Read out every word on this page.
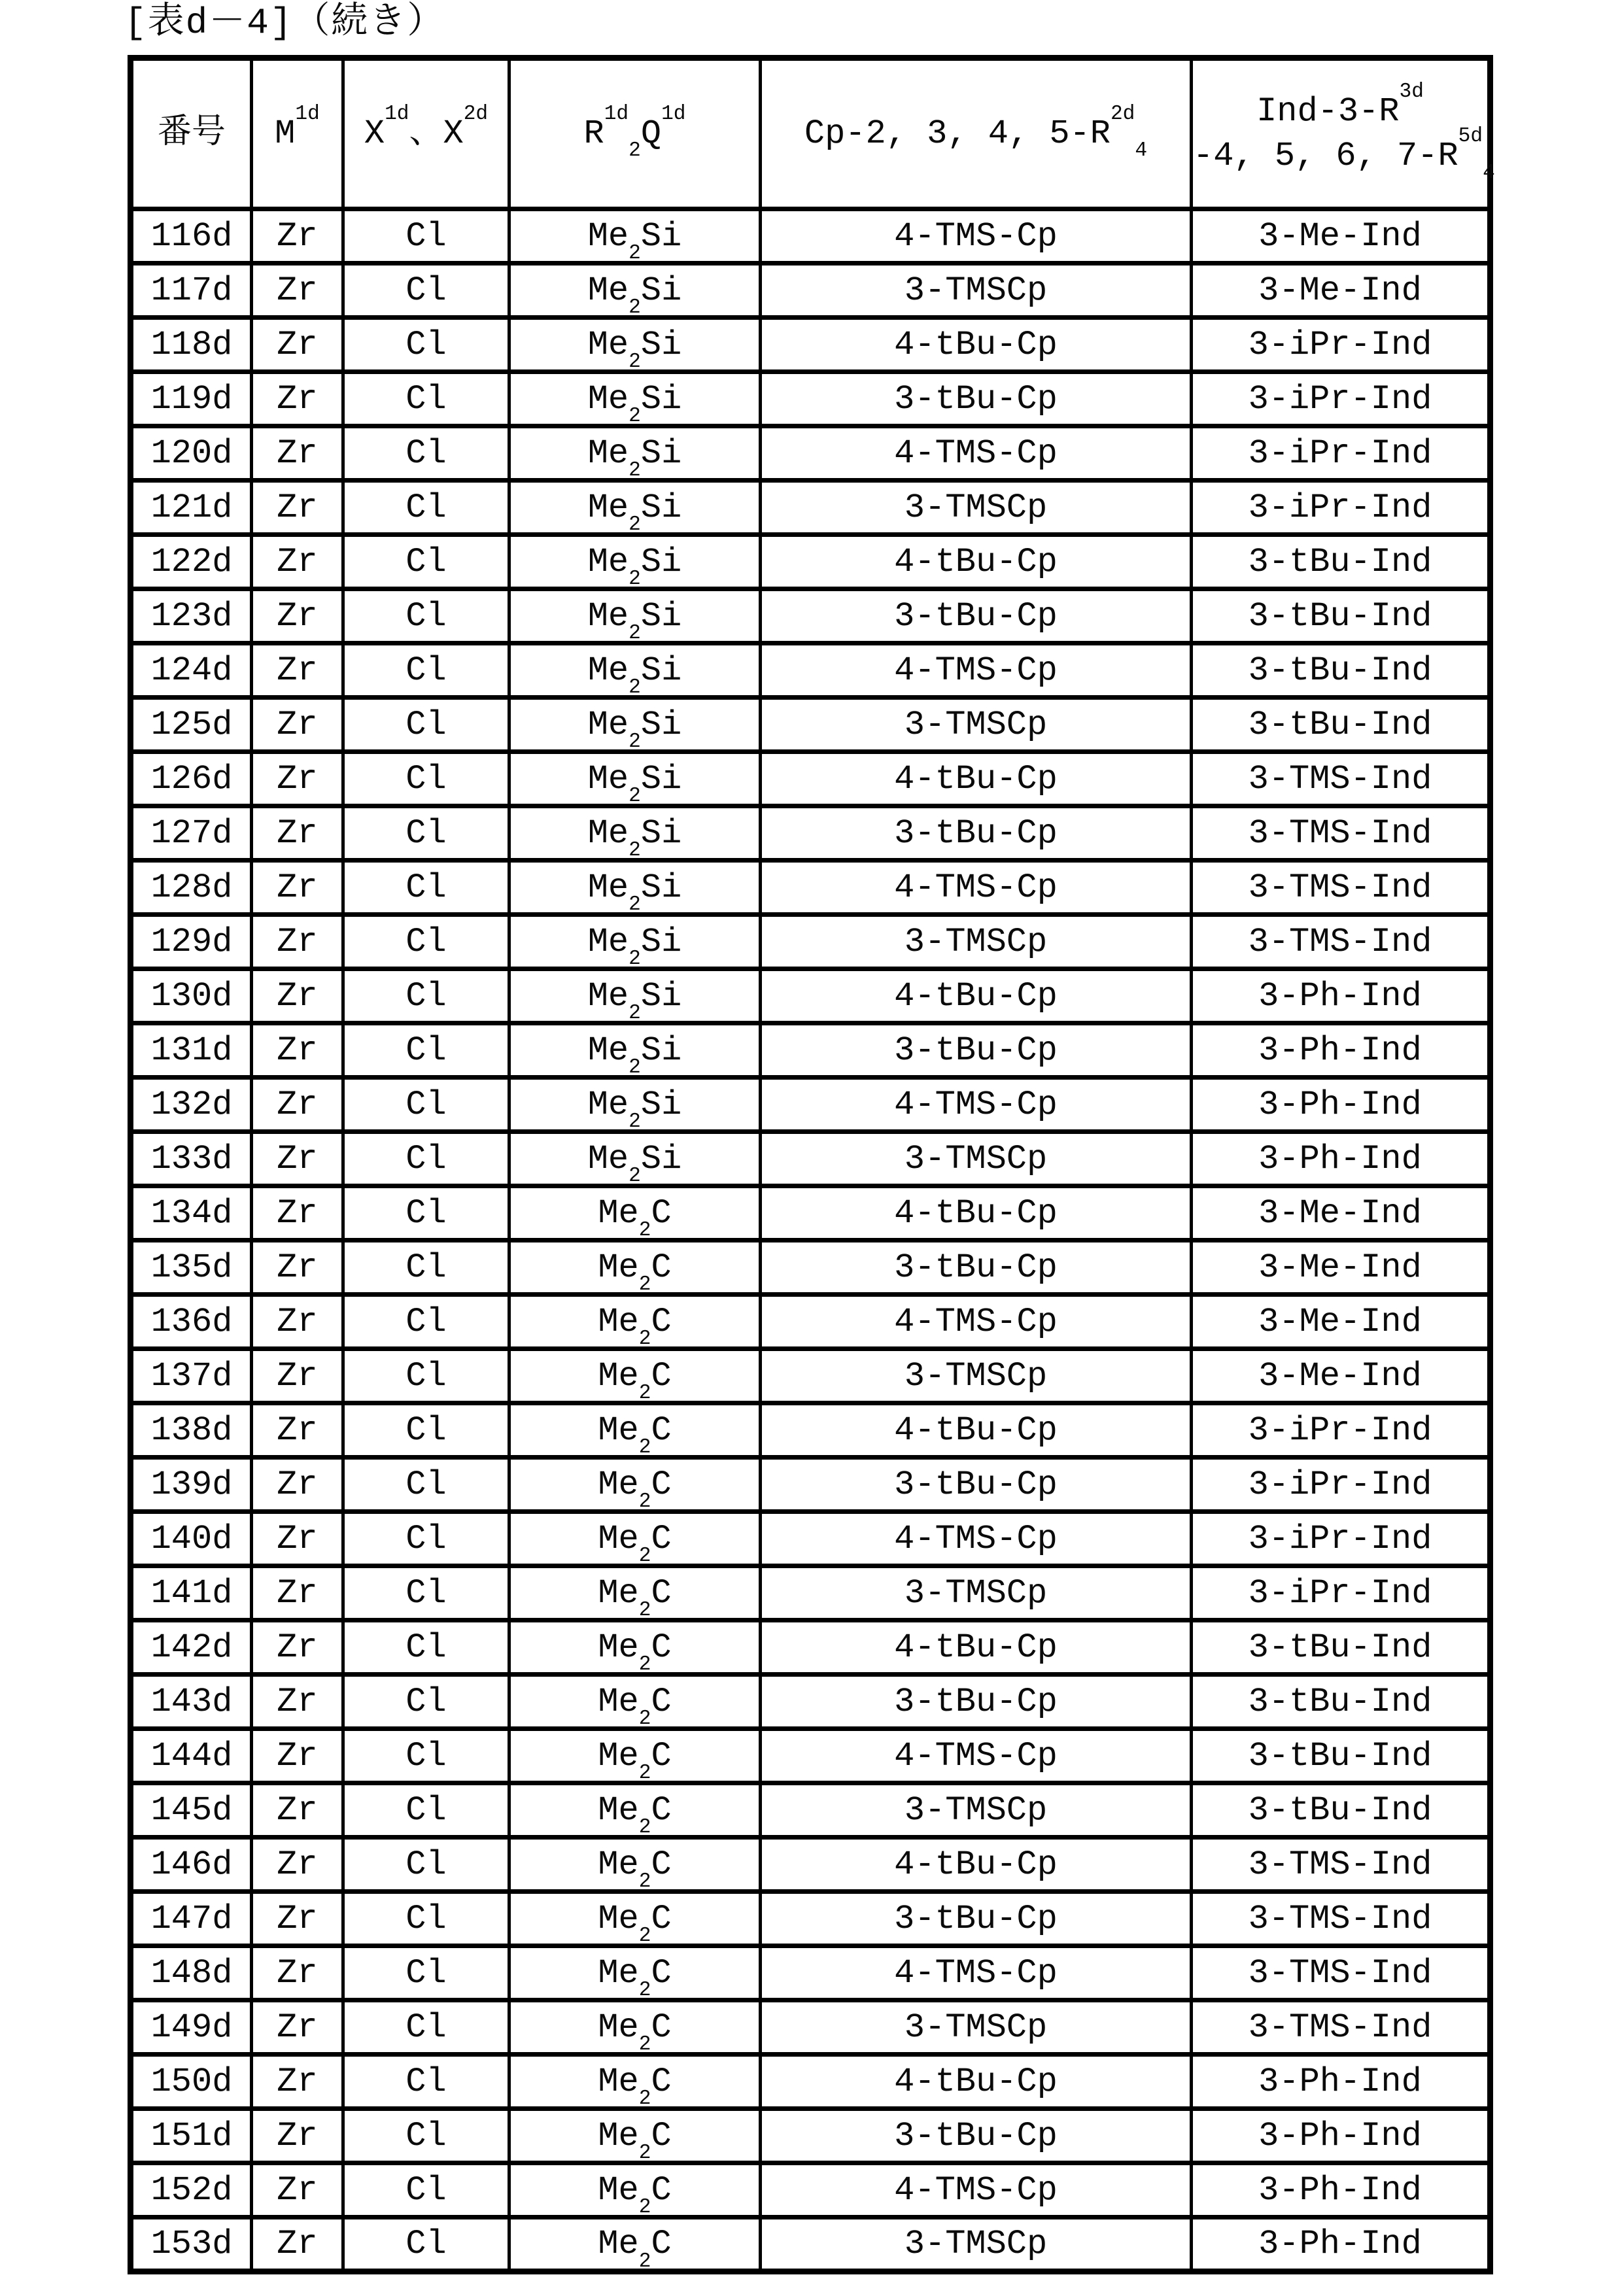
[表d－4]（続き）
番号	$M^{1d}$	$X^{1d}$、$X^{2d}$	$R^{1d}_2Q^{1d}$	Cp-2, 3, 4, $5-R^{2d}_4$	Ind-$3-R^{3d}$
-4, 5, 6, $7-R^{5d}_4$

116d	Zr	Cl	$Me_2Si$	4-TMS-Cp	3-Me-Ind
117d	Zr	Cl	$Me_2Si$	3-TMSCp	3-Me-Ind
118d	Zr	Cl	$Me_2Si$	4-tBu-Cp	3-iPr-Ind
119d	Zr	Cl	$Me_2Si$	3-tBu-Cp	3-iPr-Ind
120d	Zr	Cl	$Me_2Si$	4-TMS-Cp	3-iPr-Ind
121d	Zr	Cl	$Me_2Si$	3-TMSCp	3-iPr-Ind
122d	Zr	Cl	$Me_2Si$	4-tBu-Cp	3-tBu-Ind
123d	Zr	Cl	$Me_2Si$	3-tBu-Cp	3-tBu-Ind
124d	Zr	Cl	$Me_2Si$	4-TMS-Cp	3-tBu-Ind
125d	Zr	Cl	$Me_2Si$	3-TMSCp	3-tBu-Ind
126d	Zr	Cl	$Me_2Si$	4-tBu-Cp	3-TMS-Ind
127d	Zr	Cl	$Me_2Si$	3-tBu-Cp	3-TMS-Ind
128d	Zr	Cl	$Me_2Si$	4-TMS-Cp	3-TMS-Ind
129d	Zr	Cl	$Me_2Si$	3-TMSCp	3-TMS-Ind
130d	Zr	Cl	$Me_2Si$	4-tBu-Cp	3-Ph-Ind
131d	Zr	Cl	$Me_2Si$	3-tBu-Cp	3-Ph-Ind
132d	Zr	Cl	$Me_2Si$	4-TMS-Cp	3-Ph-Ind
133d	Zr	Cl	$Me_2Si$	3-TMSCp	3-Ph-Ind
134d	Zr	Cl	$Me_2C$	4-tBu-Cp	3-Me-Ind
135d	Zr	Cl	$Me_2C$	3-tBu-Cp	3-Me-Ind
136d	Zr	Cl	$Me_2C$	4-TMS-Cp	3-Me-Ind
137d	Zr	Cl	$Me_2C$	3-TMSCp	3-Me-Ind
138d	Zr	Cl	$Me_2C$	4-tBu-Cp	3-iPr-Ind
139d	Zr	Cl	$Me_2C$	3-tBu-Cp	3-iPr-Ind
140d	Zr	Cl	$Me_2C$	4-TMS-Cp	3-iPr-Ind
141d	Zr	Cl	$Me_2C$	3-TMSCp	3-iPr-Ind
142d	Zr	Cl	$Me_2C$	4-tBu-Cp	3-tBu-Ind
143d	Zr	Cl	$Me_2C$	3-tBu-Cp	3-tBu-Ind
144d	Zr	Cl	$Me_2C$	4-TMS-Cp	3-tBu-Ind
145d	Zr	Cl	$Me_2C$	3-TMSCp	3-tBu-Ind
146d	Zr	Cl	$Me_2C$	4-tBu-Cp	3-TMS-Ind
147d	Zr	Cl	$Me_2C$	3-tBu-Cp	3-TMS-Ind
148d	Zr	Cl	$Me_2C$	4-TMS-Cp	3-TMS-Ind
149d	Zr	Cl	$Me_2C$	3-TMSCp	3-TMS-Ind
150d	Zr	Cl	$Me_2C$	4-tBu-Cp	3-Ph-Ind
151d	Zr	Cl	$Me_2C$	3-tBu-Cp	3-Ph-Ind
152d	Zr	Cl	$Me_2C$	4-TMS-Cp	3-Ph-Ind
153d	Zr	Cl	$Me_2C$	3-TMSCp	3-Ph-Ind
